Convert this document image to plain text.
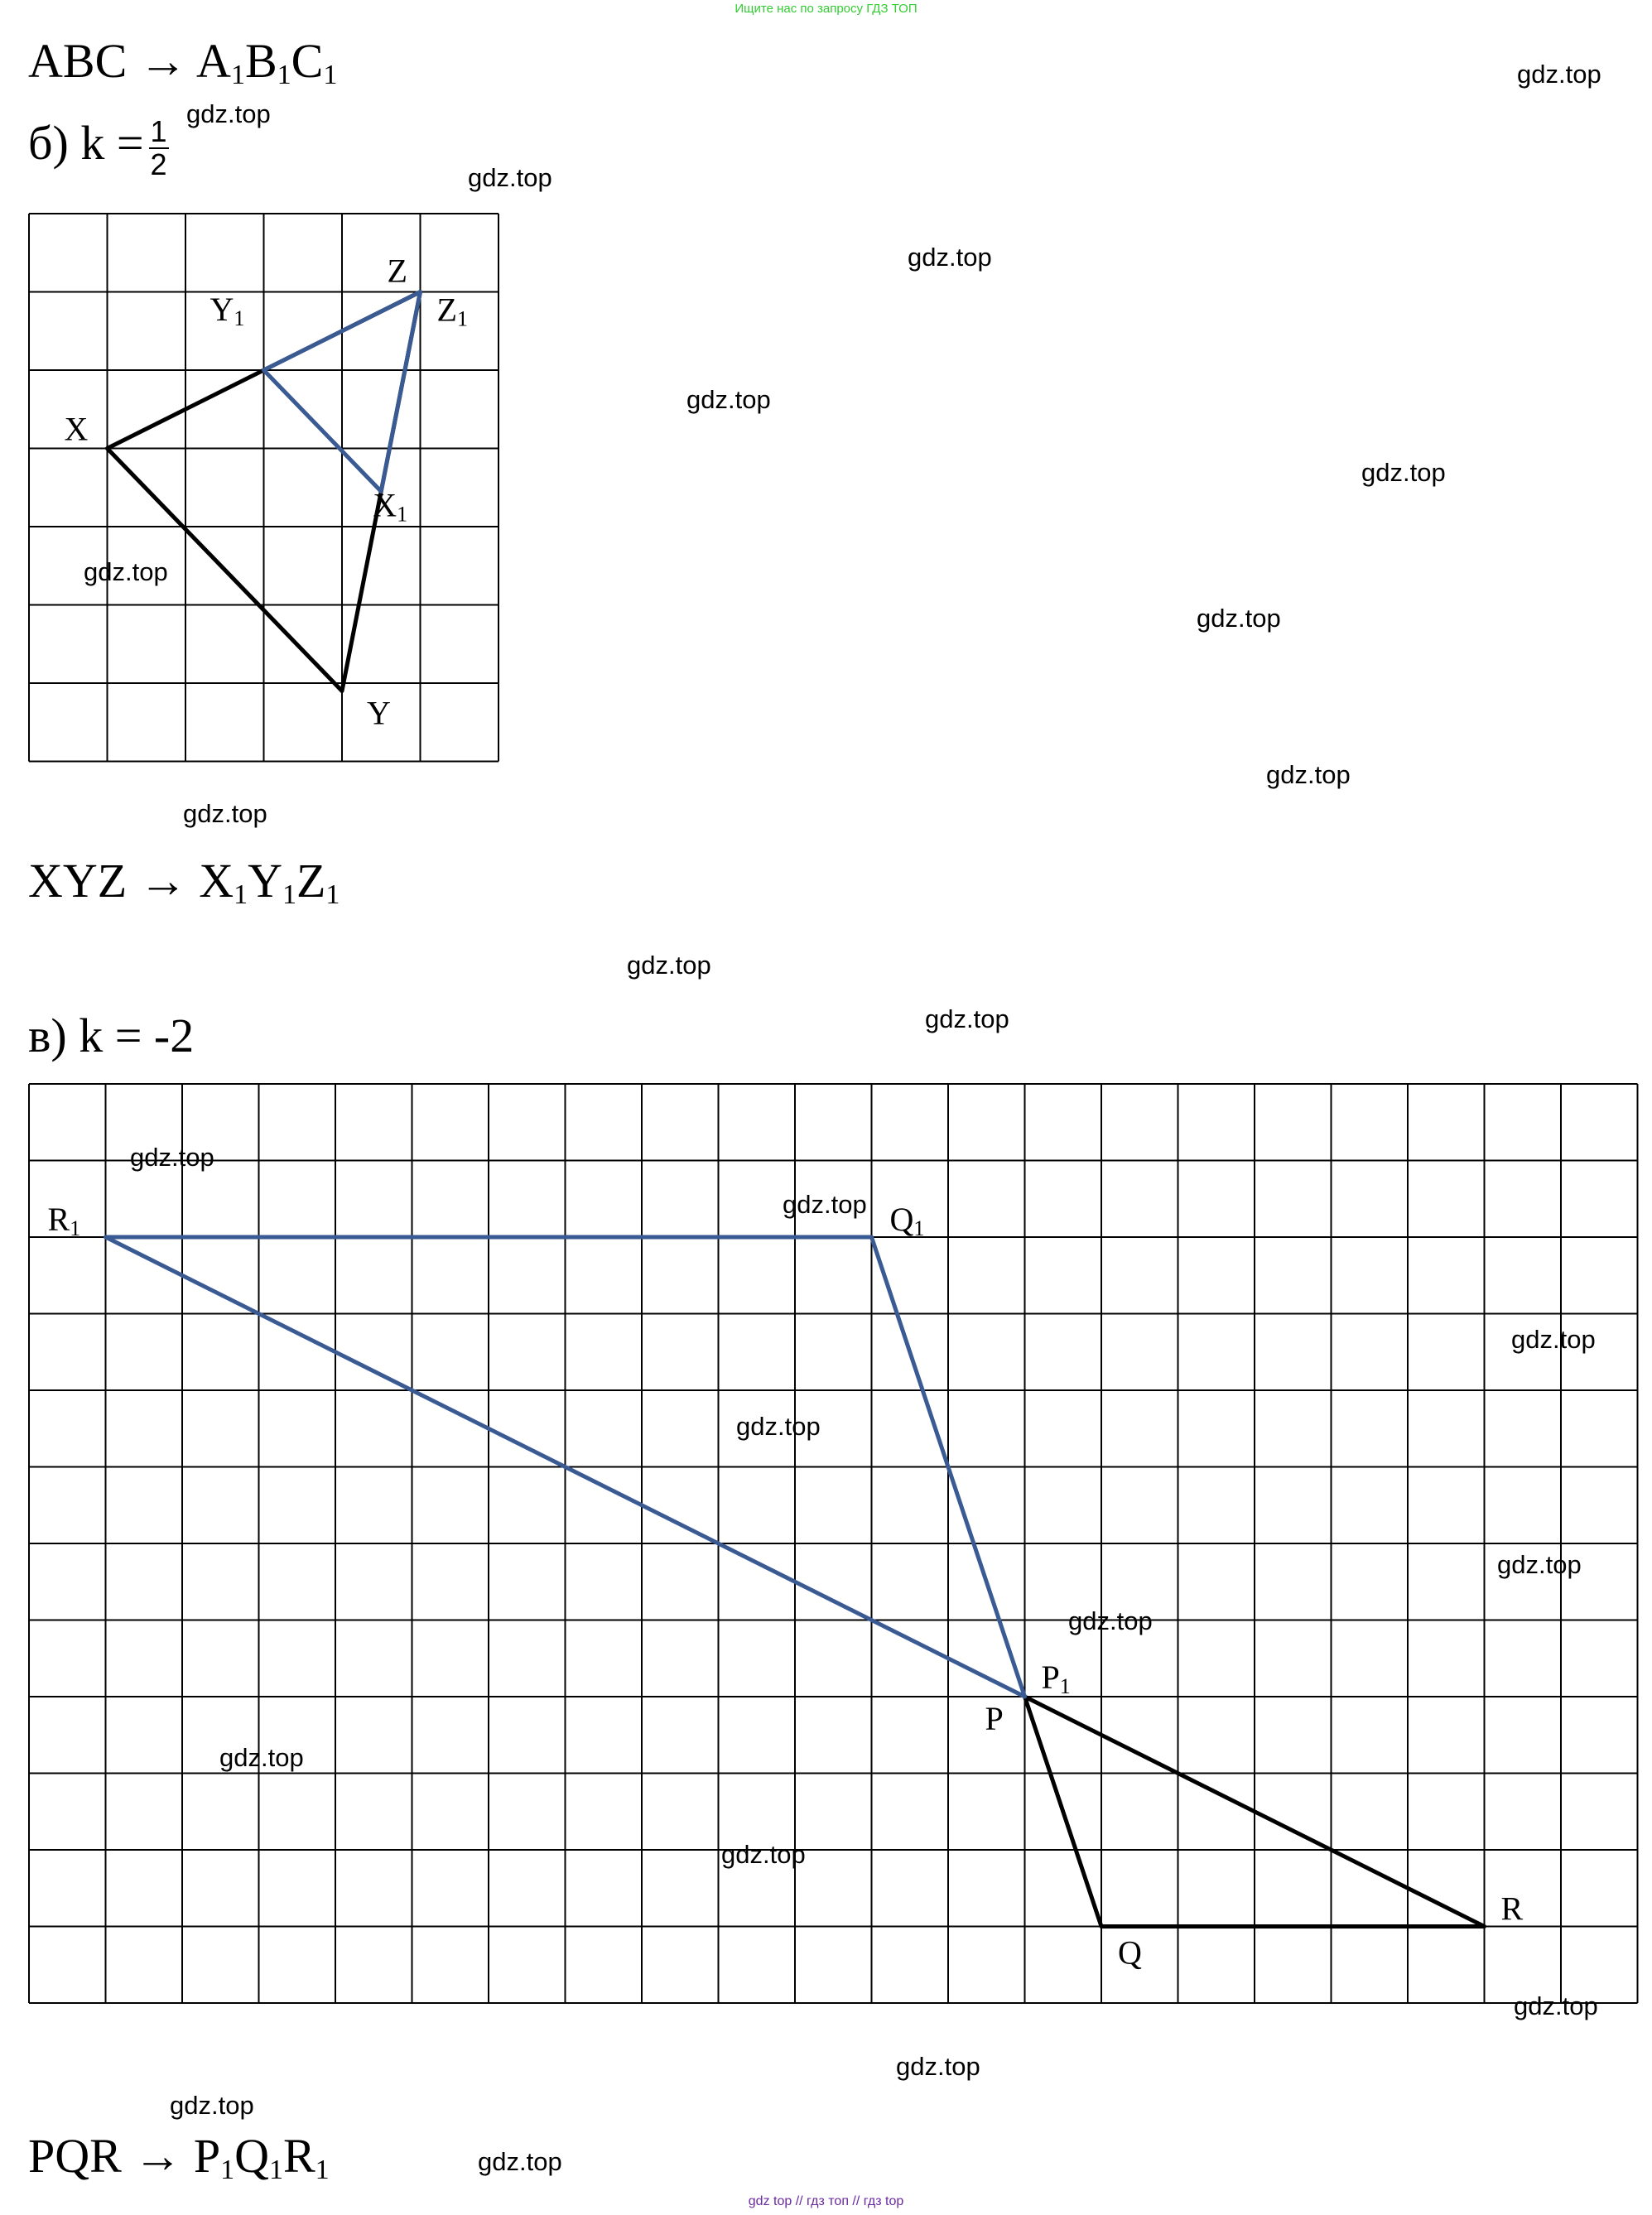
Ищите нас по запросу ГДЗ ТОП
ABC → $A_1B_1C_1$
б) $k = \frac{1}{2}$
X
Y
Z
X1
Y1	Z1
XYZ → $X_1Y_1Z_1$
в) k = -2
P
Q
R
P1
Q1
R1
PQR → $P_1Q_1R_1$
gdz.top
gdz.top
gdz.top
gdz.top
gdz.top
gdz.top
gdz.top
gdz.top
gdz.top
gdz.top
gdz.top
gdz.top
gdz.top
gdz.top
gdz.top
gdz.top
gdz.top
gdz.top
gdz.top
gdz.top
gdz.top
gdz.top
gdz.top
gdz.top
gdz top // гдз топ // гдз top
